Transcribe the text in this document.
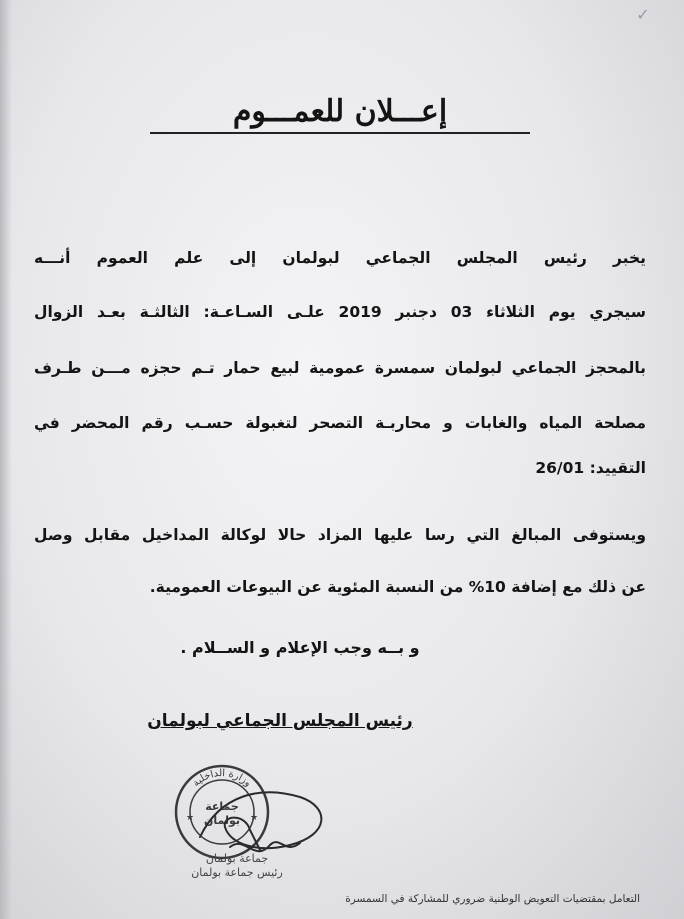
✓
إعـــلان للعمـــوم
يخبر رئيس المجلس الجماعي لبولمان إلى علم العموم أنـــه
سيجري يوم الثلاثاء 03 دجنبر 2019 علـى السـاعـة: الثالثـة بعـد الزوال
بالمحجز الجماعي لبولمان سمسرة عمومية لبيع حمار تـم حجزه مـــن طـرف
مصلحة المياه والغابات و محاربـة التصحر لتغبولة حسـب رقم المحضر في
التقييد: 26/01
ويستوفى المبالغ التي رسا عليها المزاد حالا لوكالة المداخيل مقابل وصل
عن ذلك مع إضافة 10% من النسبة المئوية عن البيوعات العمومية.
و بــه وجب الإعلام و الســلام .
رئيس المجلس الجماعي لبولمان
وزارة الداخلية
جماعة
بولمان
★	★
جماعة بولمان
رئيس جماعة بولمان
التعامل بمقتضيات التعويض الوطنية ضروري للمشاركة في السمسرة
